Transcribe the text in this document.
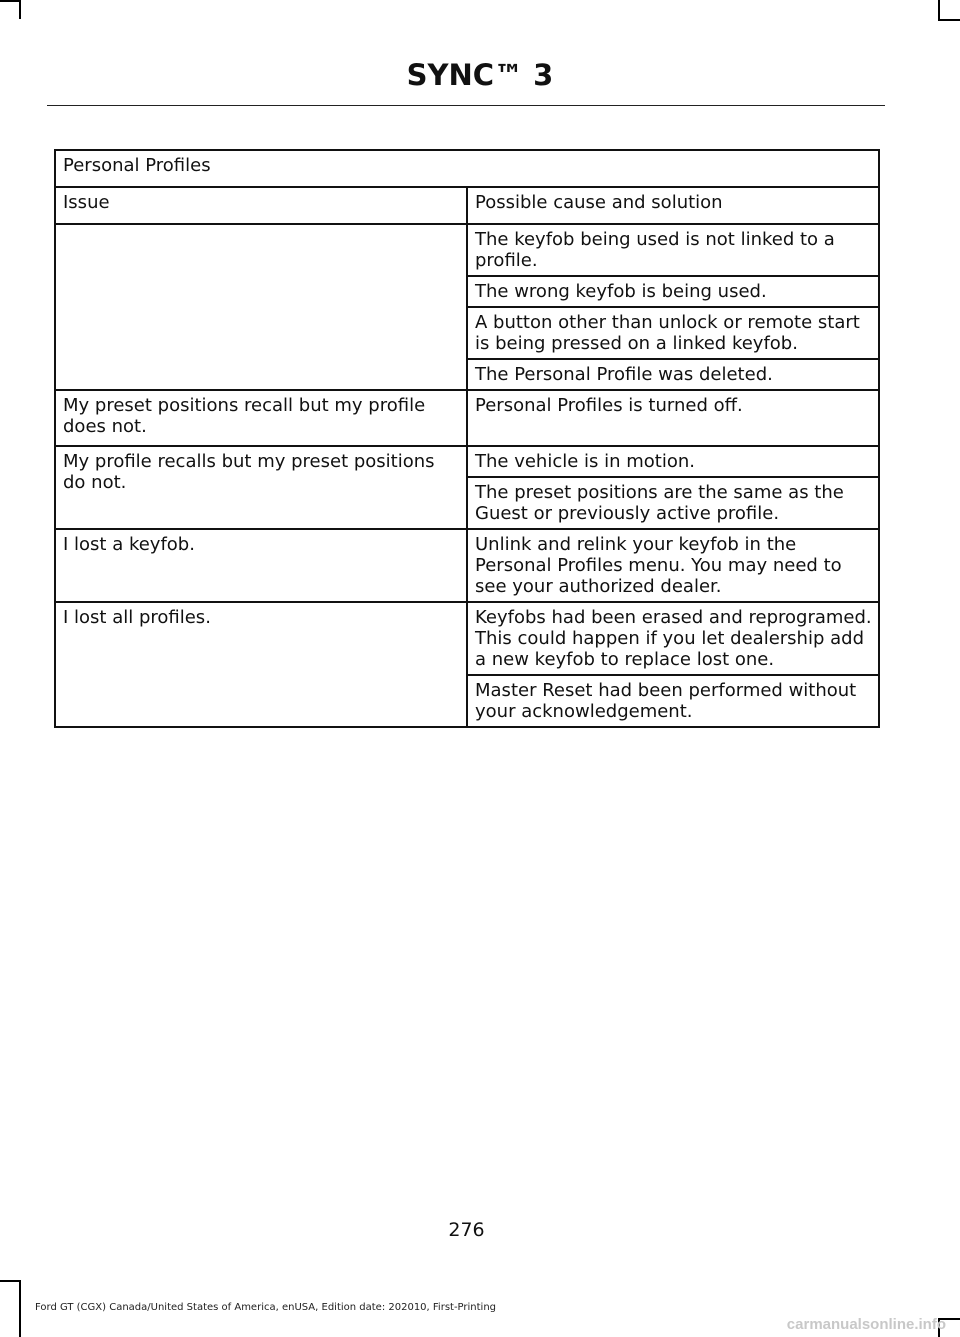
SYNC™ 3
Personal Profiles	
Issue	Possible cause and solution
	The keyfob being used is not linked to a profile.
	The wrong keyfob is being used.
	A button other than unlock or remote start is being pressed on a linked keyfob.
	The Personal Profile was deleted.
My preset positions recall but my profile does not.	Personal Profiles is turned off.
My profile recalls but my preset positions do not.	The vehicle is in motion.
	The preset positions are the same as the Guest or previously active profile.
I lost a keyfob.	Unlink and relink your keyfob in the Personal Profiles menu. You may need to see your authorized dealer.
I lost all profiles.	Keyfobs had been erased and reprogramed. This could happen if you let dealership add a new keyfob to replace lost one.
	Master Reset had been performed without your acknowledgement.
276
Ford GT (CGX) Canada/United States of America, enUSA, Edition date: 202010, First-Printing
carmanualsonline.info
